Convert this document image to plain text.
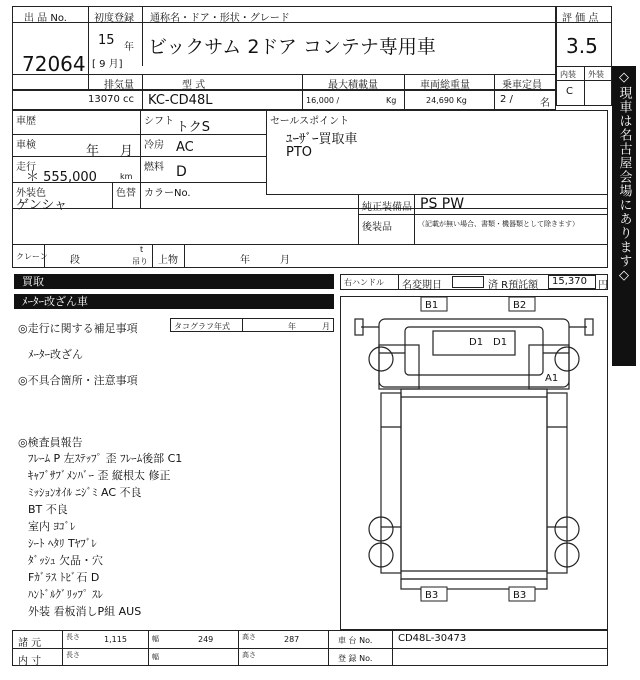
出 品 No.
72064
初度登録
15 年
[ 9 月]
通称名・ドア・形状・グレード
ビックサム 2ドア コンテナ専用車
評 価 点
3.5
内装 外装
C
排気量
13070 cc
型 式
KC-CD48L
最大積載量
16,000 /	Kg
車両総重量
24,690 Kg
乗車定員
2 /	名
車歴	シフト トクS
車検	年 月 冷房 AC
走行
＊ 555,000	km
燃料 D
外装色
ゲンシャ
色替 カラーNo.
セールスポイント
ﾕｰｻﾞｰ買取車
PTO
純正装備品 PS PW
後装品	（記載が無い場合、書類・機器類として除きます）
クレーン 段
t
吊り 上物	年	月
買取
ﾒｰﾀｰ改ざん車
右ハンドル 名変期日	済 R預託額 15,370 円
◎走行に関する補足事項	タコグラフ年式	年	月
ﾒｰﾀｰ改ざん
◎不具合箇所・注意事項
◎検査員報告
ﾌﾚｰﾑ P 左ｽﾃｯﾌﾟ 歪 ﾌﾚｰﾑ後部 C1
ｷｬﾌﾞｻﾌﾞﾒﾝﾊﾞｰ 歪 縦根太 修正
ﾐｯｼｮﾝｵｲﾙ ﾆｼﾞﾐ AC 不良
BT 不良
室内 ﾖｺﾞﾚ
ｼｰﾄ ﾍﾀﾘ Tﾔﾌﾞﾚ
ﾀﾞｯｼｭ 欠品・穴
Fｶﾞﾗｽ ﾄﾋﾞ石 D
ﾊﾝﾄﾞﾙｸﾞﾘｯﾌﾟ ｽﾚ
外装 看板消しP組 AUS
B1	B2
D1 D1
A1
B3	B3
◇現車は名古屋会場にあります◇
諸 元
長さ	1,115	幅	249	高さ	287	車 台 No.	CD48L-30473
内 寸
長さ	幅	高さ	登 録 No.
